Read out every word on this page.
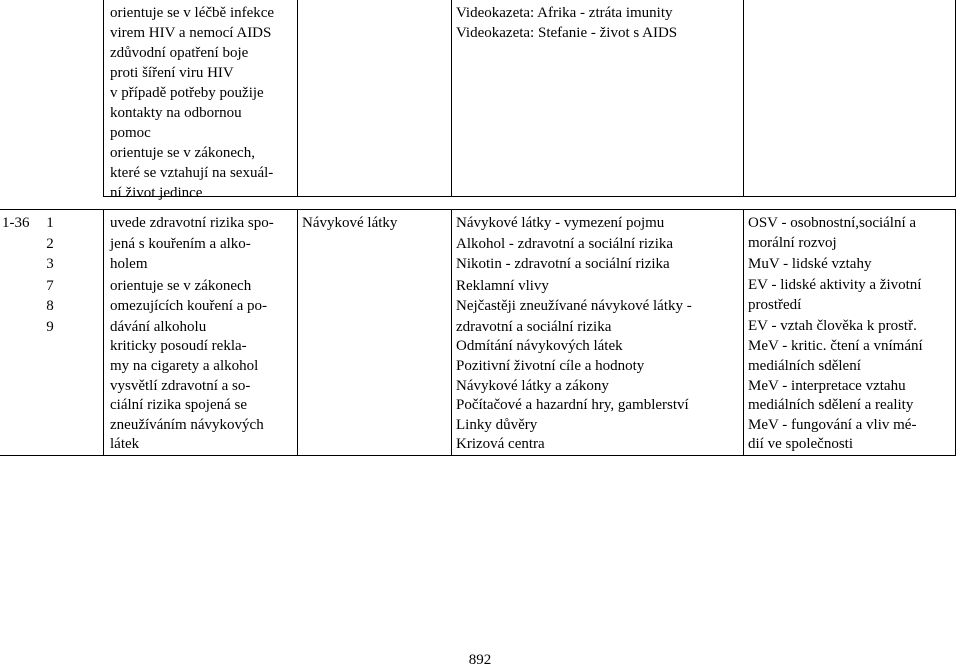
orientuje se v léčbě infekce
virem HIV a nemocí AIDS
zdůvodní opatření boje
proti šíření viru HIV
v případě potřeby použije
kontakty na odbornou
pomoc
orientuje se v zákonech,
které se vztahují na sexuál-
ní život jedince
Videokazeta: Afrika - ztráta imunity
Videokazeta: Stefanie - život s AIDS
1-36	1
2
3
7
8
9
uvede zdravotní rizika spo-
jená s kouřením a alko-
holem
orientuje se v zákonech
omezujících kouření a po-
dávání alkoholu
kriticky posoudí rekla-
my na cigarety a alkohol
vysvětlí zdravotní a so-
ciální rizika spojená se
zneužíváním návykových
látek
Návykové látky	Návykové látky - vymezení pojmu
Alkohol - zdravotní a sociální rizika
Nikotin - zdravotní a sociální rizika
Reklamní vlivy
Nejčastěji zneužívané návykové látky -
zdravotní a sociální rizika
Odmítání návykových látek
Pozitivní životní cíle a hodnoty
Návykové látky a zákony
Počítačové a hazardní hry, gamblerství
Linky důvěry
Krizová centra
OSV - osobnostní,sociální a
morální rozvoj
MuV - lidské vztahy
EV - lidské aktivity a životní
prostředí
EV - vztah člověka k prostř.
MeV - kritic. čtení a vnímání
mediálních sdělení
MeV - interpretace vztahu
mediálních sdělení a reality
MeV - fungování a vliv mé-
dií ve společnosti
892
